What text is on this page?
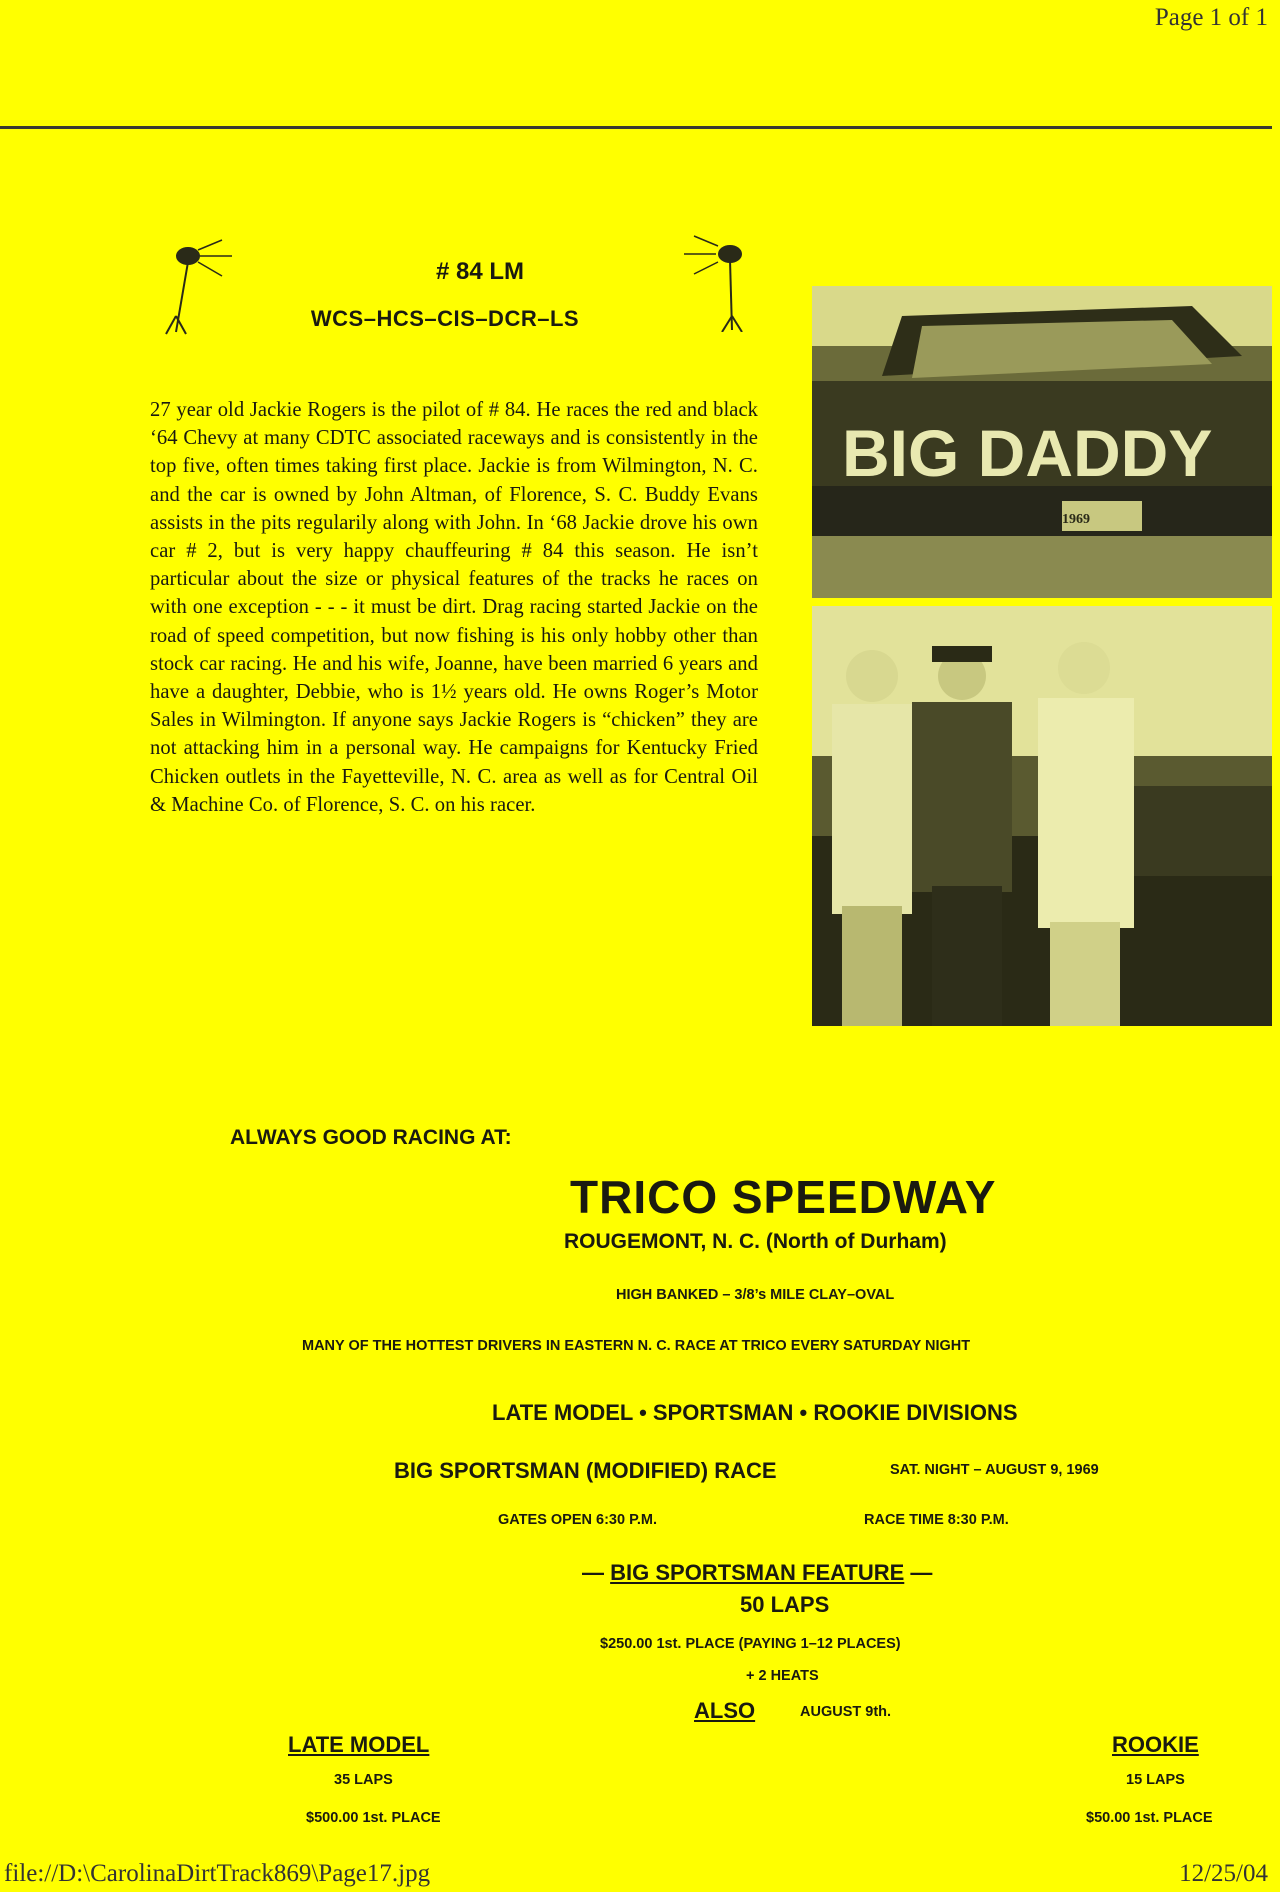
Page 1 of 1
# 84 LM
WCS–HCS–CIS–DCR–LS
27 year old Jackie Rogers is the pilot of # 84. He races the red and black ‘64 Chevy at many CDTC associated raceways and is consistently in the top five, often times taking first place. Jackie is from Wilmington, N. C. and the car is owned by John Altman, of Florence, S. C. Buddy Evans assists in the pits regularily along with John. In ‘68 Jackie drove his own car # 2, but is very happy chauffeuring # 84 this season. He isn’t particular about the size or physical features of the tracks he races on with one exception - - - it must be dirt. Drag racing started Jackie on the road of speed competition, but now fishing is his only hobby other than stock car racing. He and his wife, Joanne, have been married 6 years and have a daughter, Debbie, who is 1½ years old. He owns Roger’s Motor Sales in Wilmington. If anyone says Jackie Rogers is “chicken” they are not attacking him in a personal way. He campaigns for Kentucky Fried Chicken outlets in the Fayetteville, N. C. area as well as for Central Oil & Machine Co. of Florence, S. C. on his racer.
1969
BIG DADDY
ALWAYS GOOD RACING AT:
TRICO SPEEDWAY
ROUGEMONT, N. C. (North of Durham)
HIGH BANKED – 3/8’s MILE CLAY–OVAL
MANY OF THE HOTTEST DRIVERS IN EASTERN N. C. RACE AT TRICO EVERY SATURDAY NIGHT
LATE MODEL • SPORTSMAN • ROOKIE DIVISIONS
BIG SPORTSMAN (MODIFIED) RACE	SAT. NIGHT – AUGUST 9, 1969
GATES OPEN 6:30 P.M.	RACE TIME 8:30 P.M.
— BIG SPORTSMAN FEATURE —
50 LAPS
$250.00 1st. PLACE (PAYING 1–12 PLACES)
+ 2 HEATS
ALSO	AUGUST 9th.
LATE MODEL
35 LAPS
$500.00 1st. PLACE
ROOKIE
15 LAPS
$50.00 1st. PLACE
file://D:\CarolinaDirtTrack869\Page17.jpg	12/25/04
